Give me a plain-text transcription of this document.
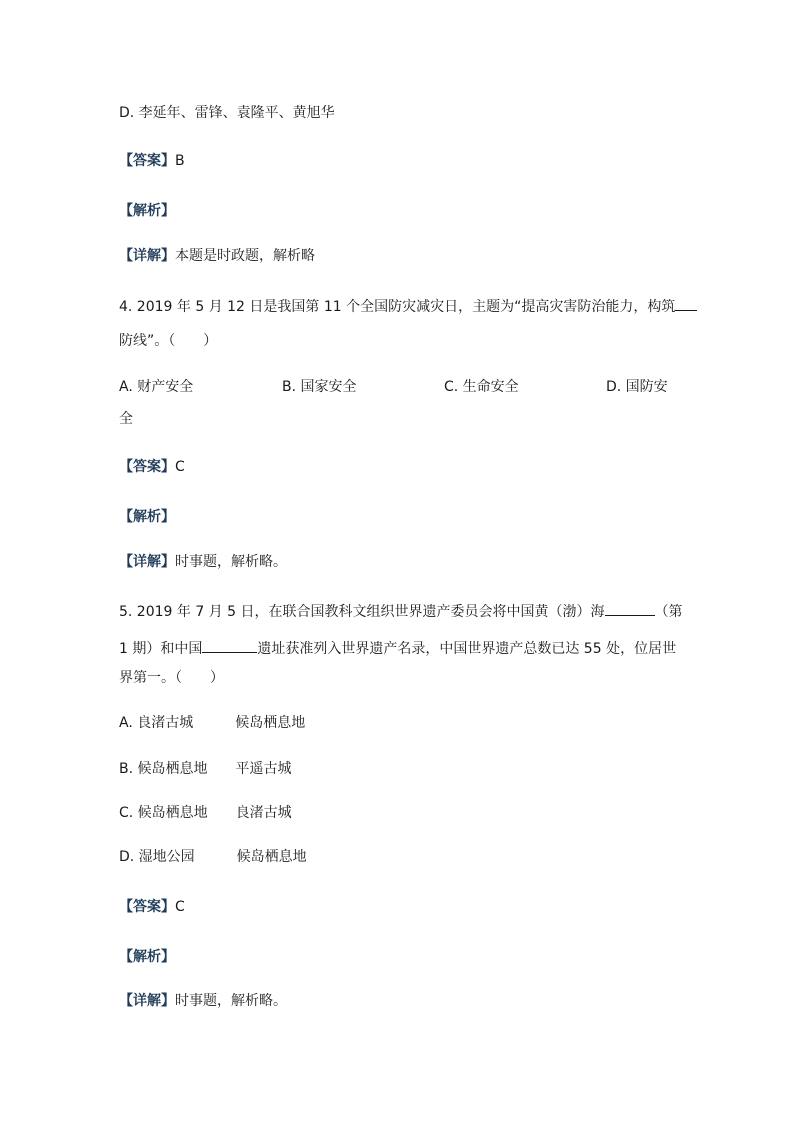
D. 李延年、雷锋、袁隆平、黄旭华
【答案】B
【解析】
【详解】本题是时政题，解析略
4. 2019 年 5 月 12 日是我国第 11 个全国防灾减灾日，主题为“提高灾害防治能力，构筑
防线”。（　　）
A. 财产安全	B. 国家安全	C. 生命安全	D. 国防安
全
【答案】C
【解析】
【详解】时事题，解析略。
5. 2019 年 7 月 5 日，在联合国教科文组织世界遗产委员会将中国黄（渤）海	（第
1 期）和中国	遗址获准列入世界遗产名录，中国世界遗产总数已达 55 处，位居世
界第一。（　　）
A. 良渚古城　　　候岛栖息地
B. 候岛栖息地　　平遥古城
C. 候岛栖息地　　良渚古城
D. 湿地公园　　　候岛栖息地
【答案】C
【解析】
【详解】时事题，解析略。
